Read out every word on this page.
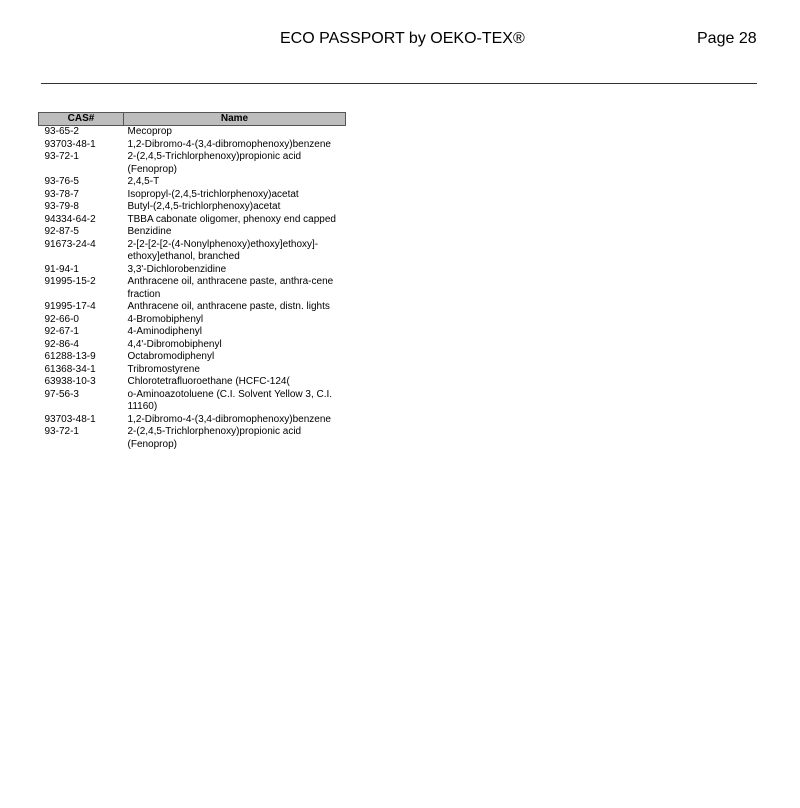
ECO PASSPORT by OEKO-TEX®	Page 28
CAS#	Name
93-65-2	Mecoprop
93703-48-1	1,2-Dibromo-4-(3,4-dibromophenoxy)benzene
93-72-1	2-(2,4,5-Trichlorphenoxy)propionic acid (Fenoprop)
93-76-5	2,4,5-T
93-78-7	Isopropyl-(2,4,5-trichlorphenoxy)acetat
93-79-8	Butyl-(2,4,5-trichlorphenoxy)acetat
94334-64-2	TBBA cabonate oligomer, phenoxy end capped
92-87-5	Benzidine
91673-24-4	2-[2-[2-[2-(4-Nonylphenoxy)ethoxy]ethoxy]-ethoxy]ethanol, branched
91-94-1	3,3'-Dichlorobenzidine
91995-15-2	Anthracene oil, anthracene paste, anthra-cene fraction
91995-17-4	Anthracene oil, anthracene paste, distn. lights
92-66-0	4-Bromobiphenyl
92-67-1	4-Aminodiphenyl
92-86-4	4,4'-Dibromobiphenyl
61288-13-9	Octabromodiphenyl
61368-34-1	Tribromostyrene
63938-10-3	Chlorotetrafluoroethane (HCFC-124(
97-56-3	o-Aminoazotoluene (C.I. Solvent Yellow 3, C.I. 11160)
93703-48-1	1,2-Dibromo-4-(3,4-dibromophenoxy)benzene
93-72-1	2-(2,4,5-Trichlorphenoxy)propionic acid (Fenoprop)
